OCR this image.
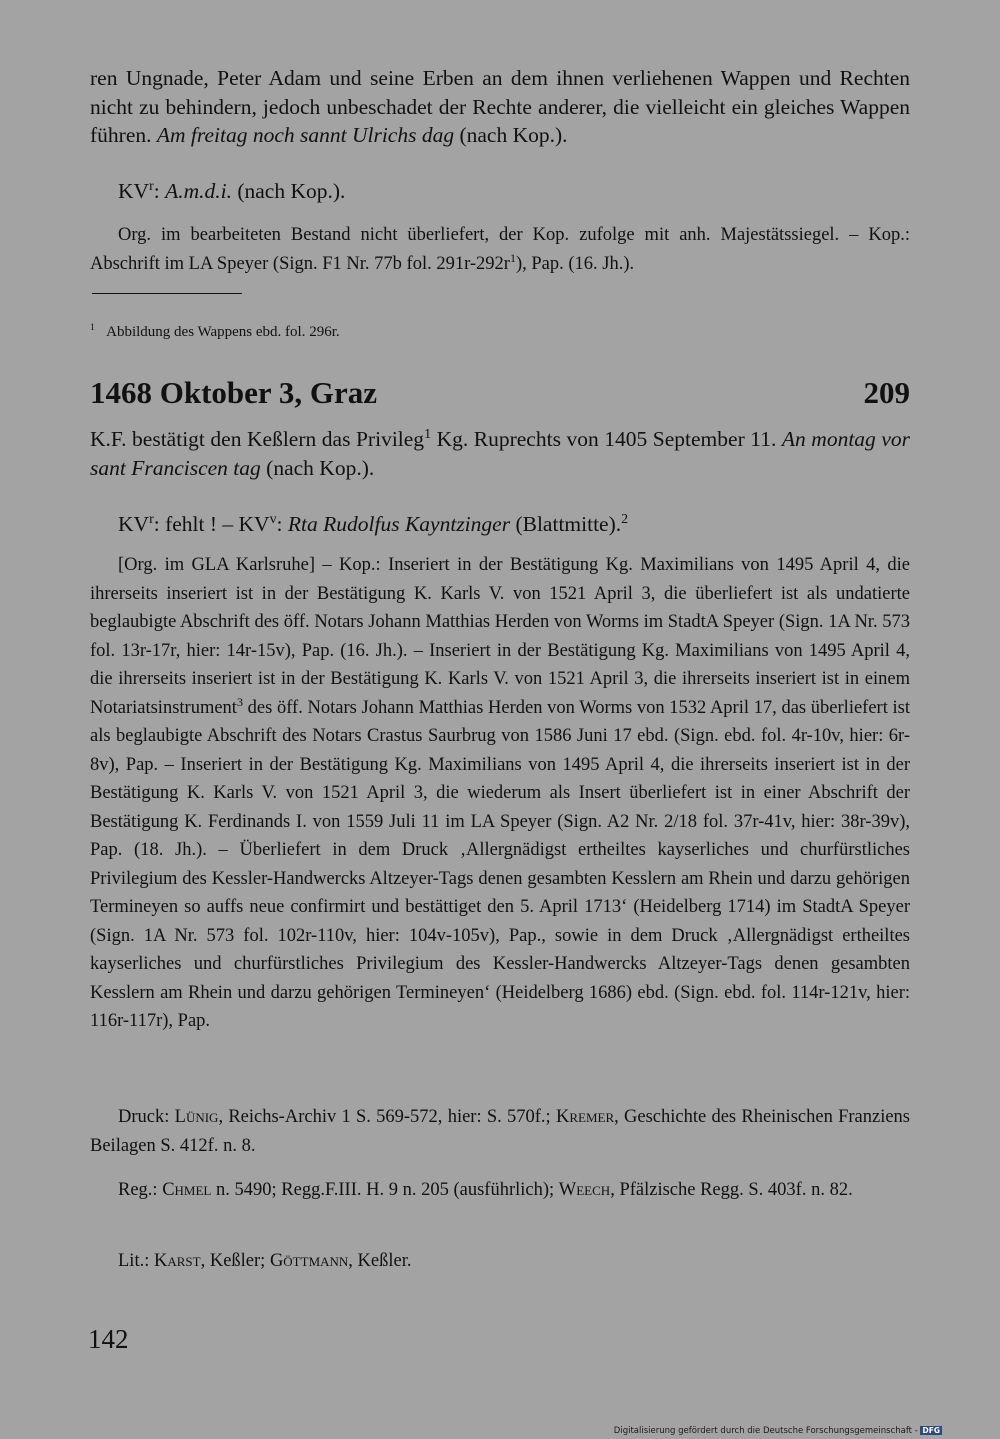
ren Ungnade, Peter Adam und seine Erben an dem ihnen verliehenen Wappen und Rechten nicht zu behindern, jedoch unbeschadet der Rechte anderer, die vielleicht ein gleiches Wappen führen. Am freitag noch sannt Ulrichs dag (nach Kop.).

$KV^r$: A.m.d.i. (nach Kop.).

Org. im bearbeiteten Bestand nicht überliefert, der Kop. zufolge mit anh. Majestätssiegel. – Kop.: Abschrift im LA Speyer (Sign. F1 Nr. 77b fol. $291r-292r^1$), Pap. (16. Jh.).

$^1$ Abbildung des Wappens ebd. fol. 296r.

1468 Oktober 3, Graz	209

K.F. bestätigt den Keßlern das Privileg$^1$ Kg. Ruprechts von 1405 September 11. An montag vor sant Franciscen tag (nach Kop.).

$KV^r$: fehlt ! – $KV^v$: Rta Rudolfus Kayntzinger (Blattmitte).$^2$

[Org. im GLA Karlsruhe] – Kop.: Inseriert in der Bestätigung Kg. Maximilians von 1495 April 4, die ihrerseits inseriert ist in der Bestätigung K. Karls V. von 1521 April 3, die überliefert ist als undatierte beglaubigte Abschrift des öff. Notars Johann Matthias Herden von Worms im StadtA Speyer (Sign. 1A Nr. 573 fol. 13r-17r, hier: 14r-15v), Pap. (16. Jh.). – Inseriert in der Bestätigung Kg. Maximilians von 1495 April 4, die ihrerseits inseriert ist in der Bestätigung K. Karls V. von 1521 April 3, die ihrerseits inseriert ist in einem Notariatsinstrument$^3$ des öff. Notars Johann Matthias Herden von Worms von 1532 April 17, das überliefert ist als beglaubigte Abschrift des Notars Crastus Saurbrug von 1586 Juni 17 ebd. (Sign. ebd. fol. 4r-10v, hier: 6r-8v), Pap. – Inseriert in der Bestätigung Kg. Maximilians von 1495 April 4, die ihrerseits inseriert ist in der Bestätigung K. Karls V. von 1521 April 3, die wiederum als Insert überliefert ist in einer Abschrift der Bestätigung K. Ferdinands I. von 1559 Juli 11 im LA Speyer (Sign. A2 Nr. 2/18 fol. 37r-41v, hier: 38r-39v), Pap. (18. Jh.). – Überliefert in dem Druck ‚Allergnädigst ertheiltes kayserliches und churfürstliches Privilegium des Kessler-Handwercks Altzeyer-Tags denen gesambten Kesslern am Rhein und darzu gehörigen Termineyen so auffs neue confirmirt und bestättiget den 5. April 1713‘ (Heidelberg 1714) im StadtA Speyer (Sign. 1A Nr. 573 fol. 102r-110v, hier: 104v-105v), Pap., sowie in dem Druck ‚Allergnädigst ertheiltes kayserliches und churfürstliches Privilegium des Kessler-Handwercks Altzeyer-Tags denen gesambten Kesslern am Rhein und darzu gehörigen Termineyen‘ (Heidelberg 1686) ebd. (Sign. ebd. fol. 114r-121v, hier: 116r-117r), Pap.

Druck: Lünig, Reichs-Archiv 1 S. 569-572, hier: S. 570f.; Kremer, Geschichte des Rheinischen Franziens Beilagen S. 412f. n. 8.

Reg.: Chmel n. 5490; Regg.F.III. H. 9 n. 205 (ausführlich); Weech, Pfälzische Regg. S. 403f. n. 82.

Lit.: Karst, Keßler; Göttmann, Keßler.

142
Digitalisierung gefördert durch die Deutsche Forschungsgemeinschaft - DFG
